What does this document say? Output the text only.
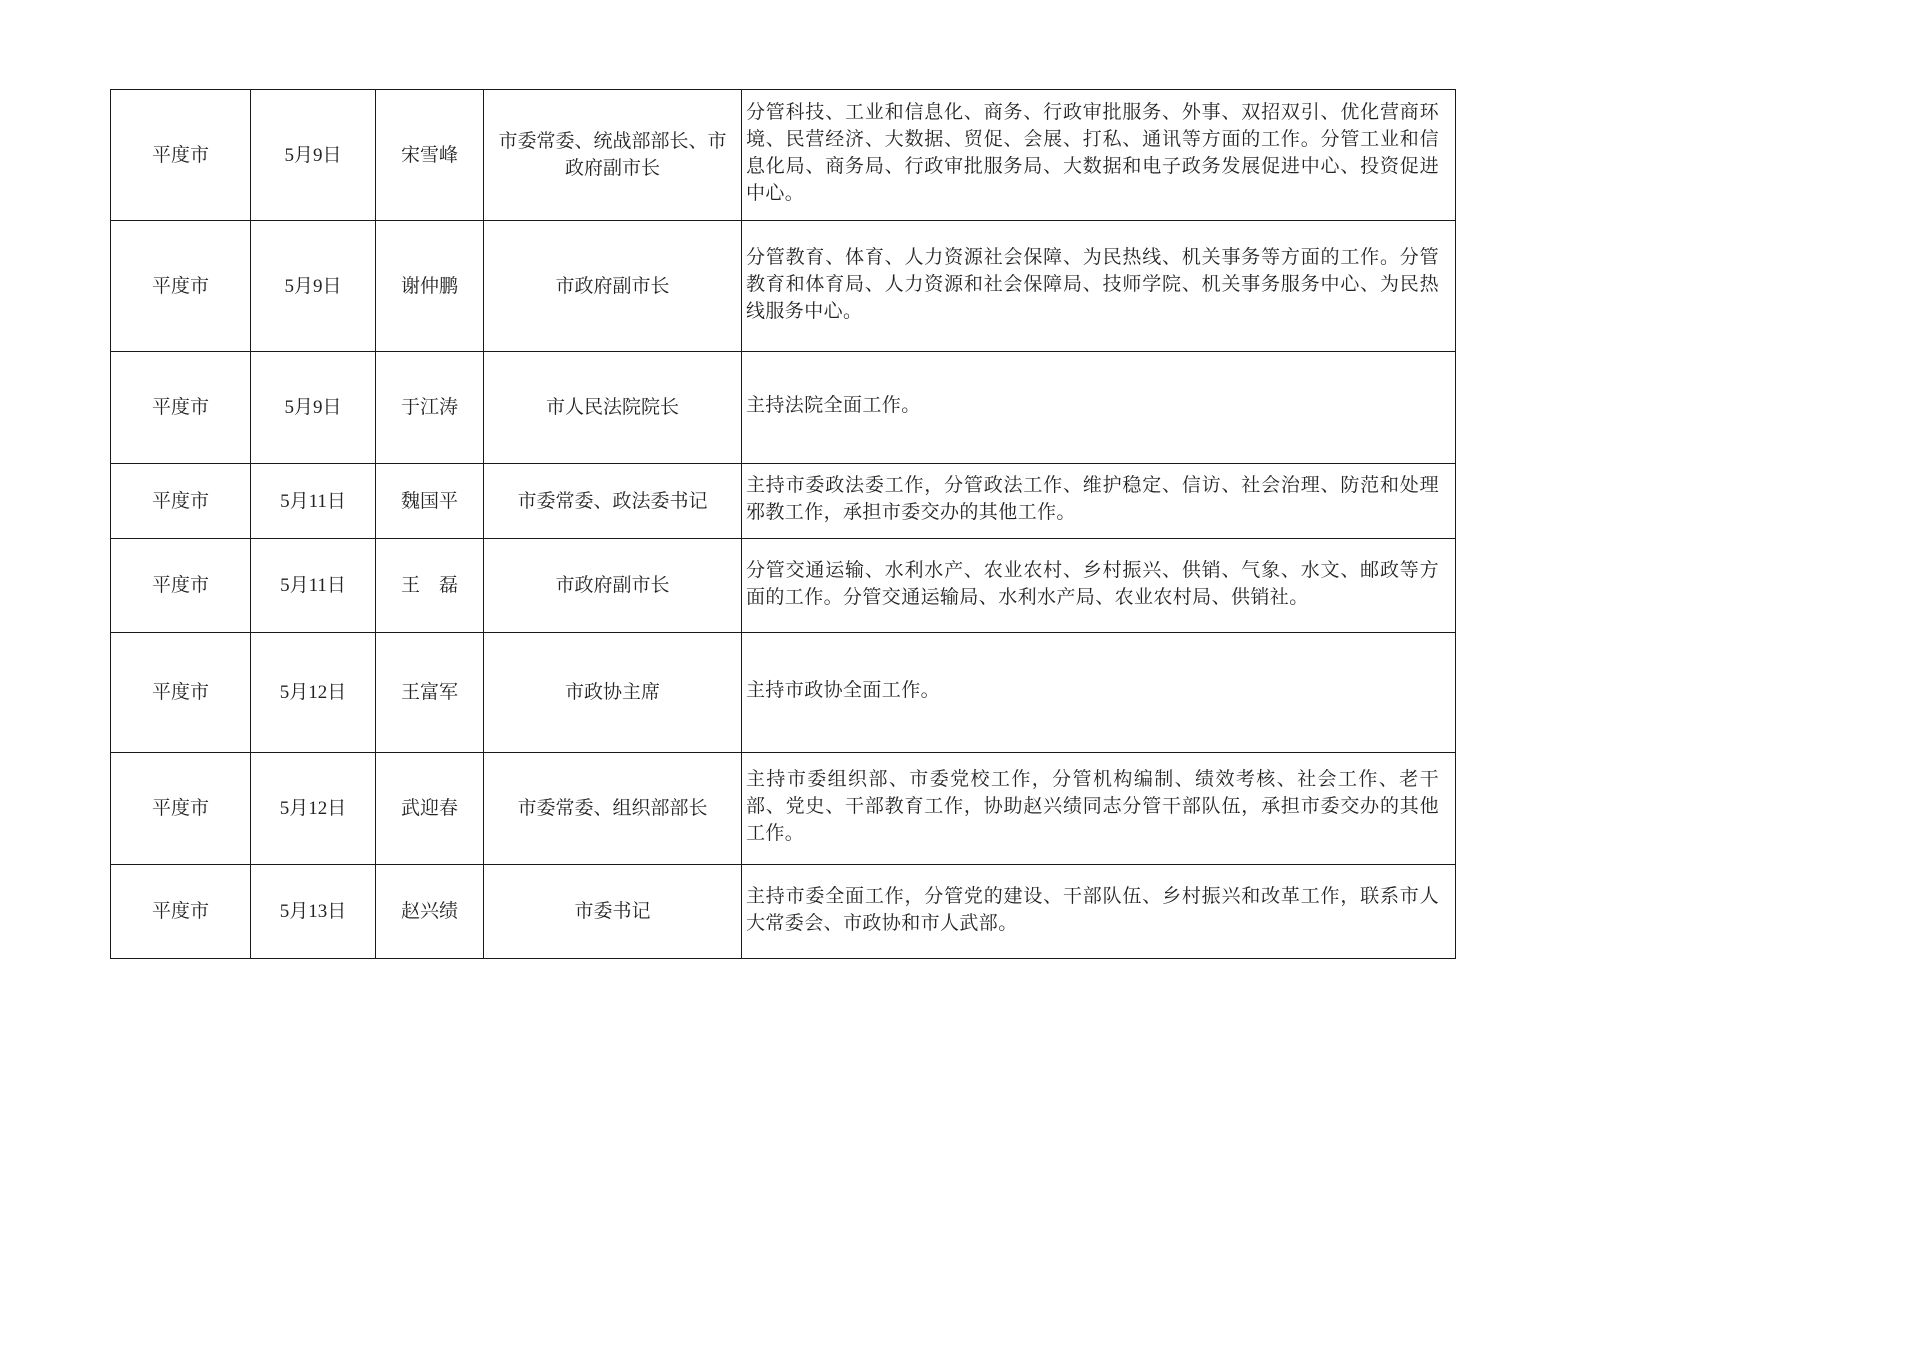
平度市	5月9日	宋雪峰	市委常委、统战部部长、市政府副市长	分管科技、工业和信息化、商务、行政审批服务、外事、双招双引、优化营商环境、民营经济、大数据、贸促、会展、打私、通讯等方面的工作。分管工业和信息化局、商务局、行政审批服务局、大数据和电子政务发展促进中心、投资促进中心。
平度市	5月9日	谢仲鹏	市政府副市长	分管教育、体育、人力资源社会保障、为民热线、机关事务等方面的工作。分管教育和体育局、人力资源和社会保障局、技师学院、机关事务服务中心、为民热线服务中心。
平度市	5月9日	于江涛	市人民法院院长	主持法院全面工作。
平度市	5月11日	魏国平	市委常委、政法委书记	主持市委政法委工作，分管政法工作、维护稳定、信访、社会治理、防范和处理邪教工作，承担市委交办的其他工作。
平度市	5月11日	王　磊	市政府副市长	分管交通运输、水利水产、农业农村、乡村振兴、供销、气象、水文、邮政等方面的工作。分管交通运输局、水利水产局、农业农村局、供销社。
平度市	5月12日	王富军	市政协主席	主持市政协全面工作。
平度市	5月12日	武迎春	市委常委、组织部部长	主持市委组织部、市委党校工作，分管机构编制、绩效考核、社会工作、老干部、党史、干部教育工作，协助赵兴绩同志分管干部队伍，承担市委交办的其他工作。
平度市	5月13日	赵兴绩	市委书记	主持市委全面工作，分管党的建设、干部队伍、乡村振兴和改革工作，联系市人大常委会、市政协和市人武部。
